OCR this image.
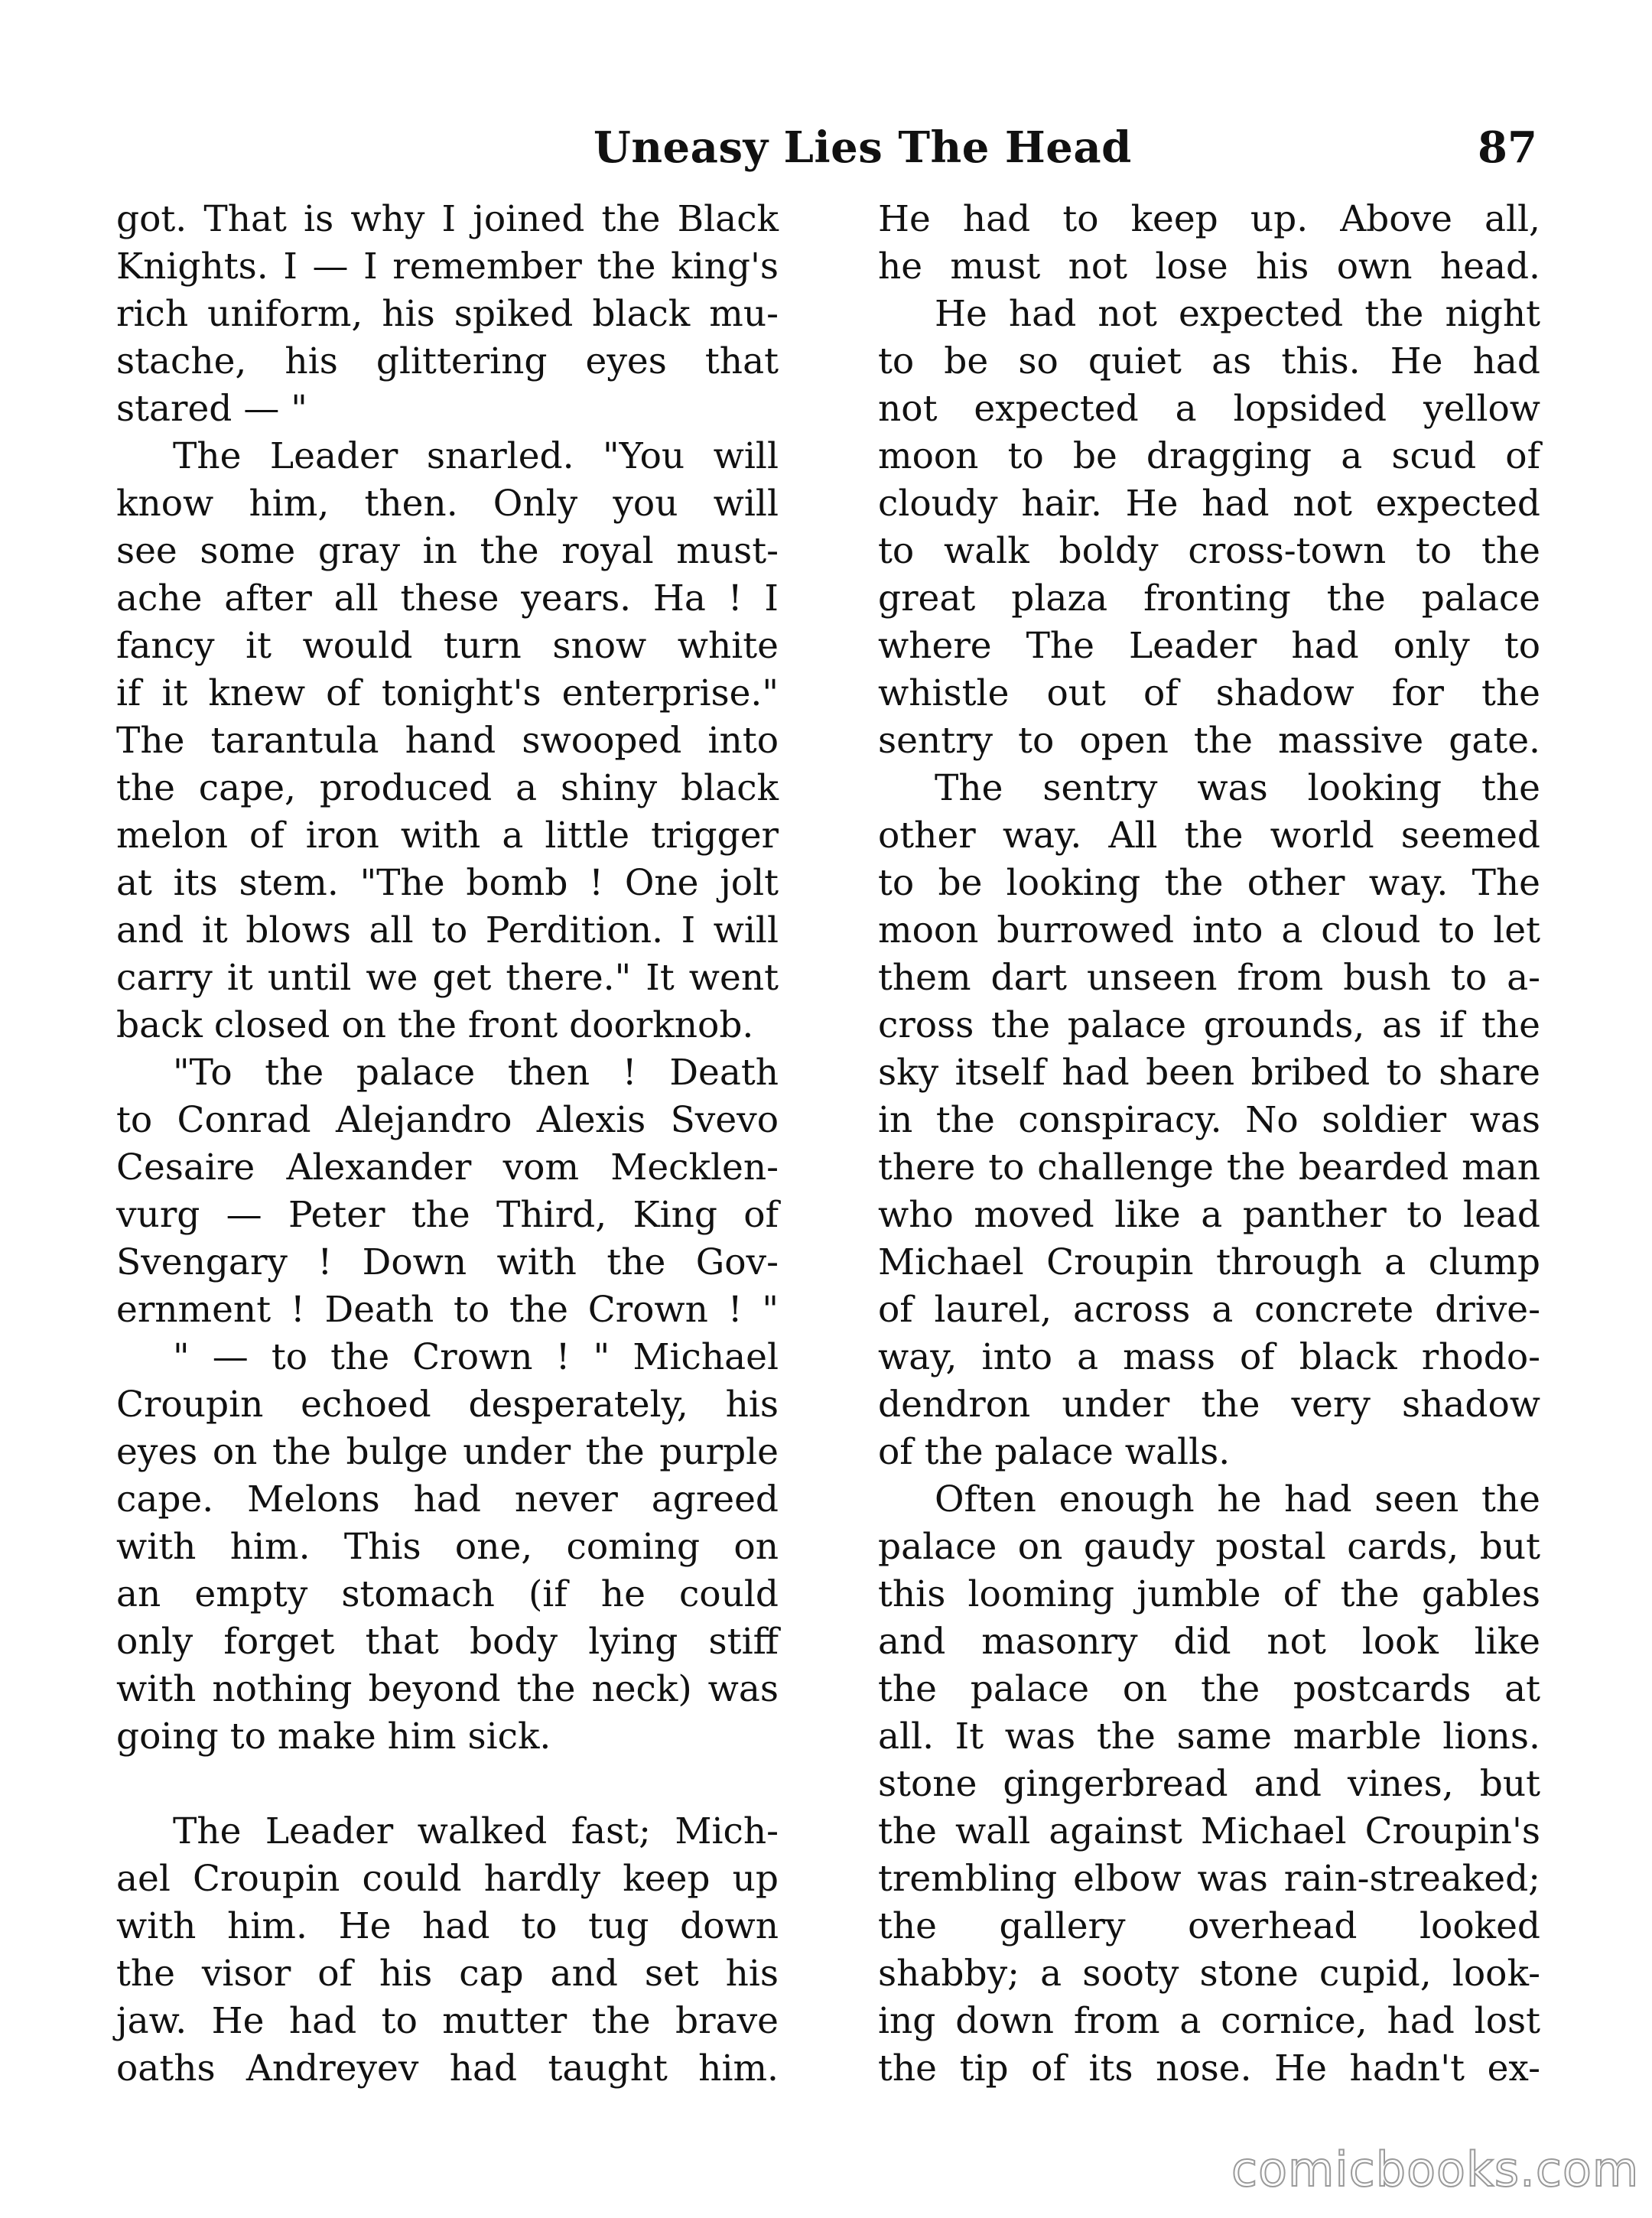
Uneasy Lies The Head	87
got. That is why I joined the Black
Knights. I — I remember the king's
rich uniform, his spiked black mu-
stache, his glittering eyes that
stared — "
The Leader snarled. "You will
know him, then. Only you will
see some gray in the royal must-
ache after all these years. Ha ! I
fancy it would turn snow white
if it knew of tonight's enterprise."
The tarantula hand swooped into
the cape, produced a shiny black
melon of iron with a little trigger
at its stem. "The bomb ! One jolt
and it blows all to Perdition. I will
carry it until we get there." It went
back closed on the front doorknob.
"To the palace then ! Death
to Conrad Alejandro Alexis Svevo
Cesaire Alexander vom Mecklen-
vurg — Peter the Third, King of
Svengary ! Down with the Gov-
ernment ! Death to the Crown ! "
" — to the Crown ! " Michael
Croupin echoed desperately, his
eyes on the bulge under the purple
cape. Melons had never agreed
with him. This one, coming on
an empty stomach (if he could
only forget that body lying stiff
with nothing beyond the neck) was
going to make him sick.
The Leader walked fast; Mich-
ael Croupin could hardly keep up
with him. He had to tug down
the visor of his cap and set his
jaw. He had to mutter the brave
oaths Andreyev had taught him.
He had to keep up. Above all,
he must not lose his own head.
He had not expected the night
to be so quiet as this. He had
not expected a lopsided yellow
moon to be dragging a scud of
cloudy hair. He had not expected
to walk boldy cross-town to the
great plaza fronting the palace
where The Leader had only to
whistle out of shadow for the
sentry to open the massive gate.
The sentry was looking the
other way. All the world seemed
to be looking the other way. The
moon burrowed into a cloud to let
them dart unseen from bush to a-
cross the palace grounds, as if the
sky itself had been bribed to share
in the conspiracy. No soldier was
there to challenge the bearded man
who moved like a panther to lead
Michael Croupin through a clump
of laurel, across a concrete drive-
way, into a mass of black rhodo-
dendron under the very shadow
of the palace walls.
Often enough he had seen the
palace on gaudy postal cards, but
this looming jumble of the gables
and masonry did not look like
the palace on the postcards at
all. It was the same marble lions.
stone gingerbread and vines, but
the wall against Michael Croupin's
trembling elbow was rain-streaked;
the gallery overhead looked
shabby; a sooty stone cupid, look-
ing down from a cornice, had lost
the tip of its nose. He hadn't ex-
comicbooks.com
